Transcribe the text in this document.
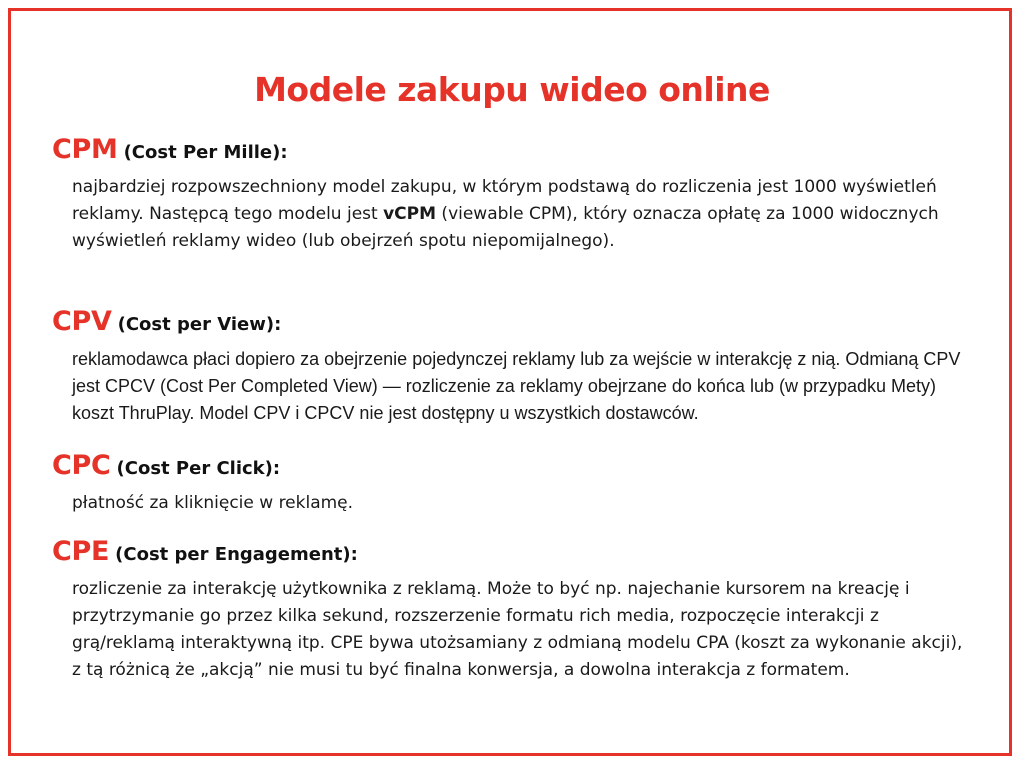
Modele zakupu wideo online

CPM (Cost Per Mille):

najbardziej rozpowszechniony model zakupu, w którym podstawą do rozliczenia jest 1000 wyświetleń reklamy. Następcą tego modelu jest vCPM (viewable CPM), który oznacza opłatę za 1000 widocznych wyświetleń reklamy wideo (lub obejrzeń spotu niepomijalnego).

CPV (Cost per View):

reklamodawca płaci dopiero za obejrzenie pojedynczej reklamy lub za wejście w interakcję z nią. Odmianą CPV jest CPCV (Cost Per Completed View) — rozliczenie za reklamy obejrzane do końca lub (w przypadku Mety) koszt ThruPlay. Model CPV i CPCV nie jest dostępny u wszystkich dostawców.

CPC (Cost Per Click):

płatność za kliknięcie w reklamę.

CPE (Cost per Engagement):

rozliczenie za interakcję użytkownika z reklamą. Może to być np. najechanie kursorem na kreację i przytrzymanie go przez kilka sekund, rozszerzenie formatu rich media, rozpoczęcie interakcji z grą/reklamą interaktywną itp. CPE bywa utożsamiany z odmianą modelu CPA (koszt za wykonanie akcji), z tą różnicą że „akcją” nie musi tu być finalna konwersja, a dowolna interakcja z formatem.
